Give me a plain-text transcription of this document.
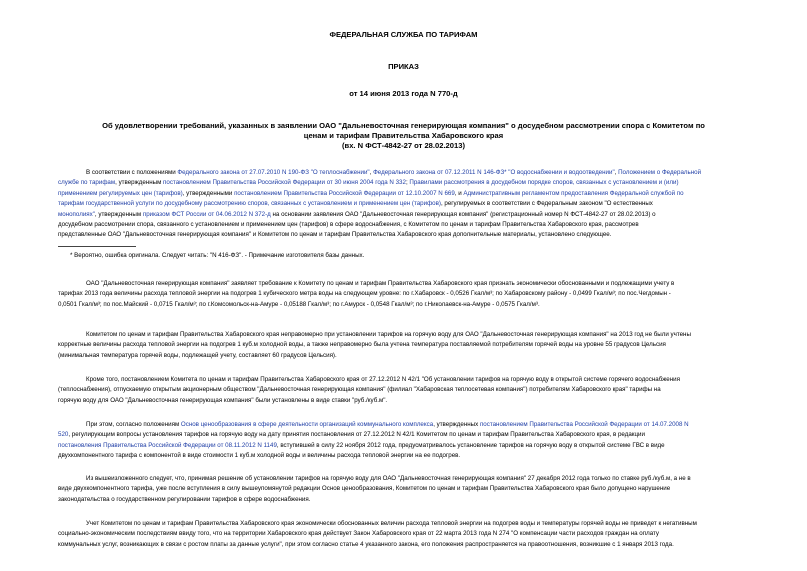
ФЕДЕРАЛЬНАЯ СЛУЖБА ПО ТАРИФАМ
ПРИКАЗ
от 14 июня 2013 года N 770-д
Об удовлетворении требований, указанных в заявлении ОАО "Дальневосточная генерирующая компания" о досудебном рассмотрении спора с Комитетом по
ценам и тарифам Правительства Хабаровского края
(вх. N ФСТ-4842-27 от 28.02.2013)
В соответствии с положениями Федерального закона от 27.07.2010 N 190-ФЗ "О теплоснабжении", Федерального закона от 07.12.2011 N 146-ФЗ* "О водоснабжении и водоотведении", Положением о Федеральной
службе по тарифам, утвержденным постановлением Правительства Российской Федерации от 30 июня 2004 года N 332; Правилами рассмотрения в досудебном порядке споров, связанных с установлением и (или)
применением регулируемых цен (тарифов), утвержденными постановлением Правительства Российской Федерации от 12.10.2007 N 669, и Административным регламентом предоставления Федеральной службой по
тарифам государственной услуги по досудебному рассмотрению споров, связанных с установлением и применением цен (тарифов), регулируемых в соответствии с Федеральным законом "О естественных
монополиях", утвержденным приказом ФСТ России от 04.06.2012 N 372-д на основании заявления ОАО "Дальневосточная генерирующая компания" (регистрационный номер N ФСТ-4842-27 от 28.02.2013) о
досудебном рассмотрении спора, связанного с установлением и применением цен (тарифов) в сфере водоснабжения, с Комитетом по ценам и тарифам Правительства Хабаровского края, рассмотрев
представленные ОАО "Дальневосточная генерирующая компания" и Комитетом по ценам и тарифам Правительства Хабаровского края дополнительные материалы, установлено следующее.
* Вероятно, ошибка оригинала. Следует читать: "N 416-ФЗ". - Примечание изготовителя базы данных.
ОАО "Дальневосточная генерирующая компания" заявляет требование к Комитету по ценам и тарифам Правительства Хабаровского края признать экономически обоснованными и подлежащими учету в
тарифах 2013 года величины расхода тепловой энергии на подогрев 1 кубического метра воды на следующем уровне: по г.Хабаровск - 0,0526 Гкал/м³; по Хабаровскому району - 0,0499 Гкал/м³; по пос.Чегдомын -
0,0501 Гкал/м³; по пос.Майский - 0,0715 Гкал/м³; по г.Комсомольск-на-Амуре - 0,05188 Гкал/м³; по г.Амурск - 0,0548 Гкал/м³; по г.Николаевск-на-Амуре - 0,0575 Гкал/м³.
Комитетом по ценам и тарифам Правительства Хабаровского края неправомерно при установлении тарифов на горячую воду для ОАО "Дальневосточная генерирующая компания" на 2013 год не были учтены
корректные величины расхода тепловой энергии на подогрев 1 куб.м холодной воды, а также неправомерно была учтена температура поставляемой потребителям горячей воды на уровне 55 градусов Цельсия
(минимальная температура горячей воды, подлежащей учету, составляет 60 градусов Цельсия).
Кроме того, постановлением Комитета по ценам и тарифам Правительства Хабаровского края от 27.12.2012 N 42/1 "Об установлении тарифов на горячую воду в открытой системе горячего водоснабжения
(теплоснабжения), отпускаемую открытым акционерным обществом "Дальневосточная генерирующая компания" (филиал "Хабаровская теплосетевая компания") потребителям Хабаровского края" тарифы на
горячую воду для ОАО "Дальневосточная генерирующая компания" были установлены в виде ставки "руб./куб.м".
При этом, согласно положениям Основ ценообразования в сфере деятельности организаций коммунального комплекса, утвержденных постановлением Правительства Российской Федерации от 14.07.2008 N
520, регулирующим вопросы установления тарифов на горячую воду на дату принятия постановления от 27.12.2012 N 42/1 Комитетом по ценам и тарифам Правительства Хабаровского края, в редакции
постановления Правительства Российской Федерации от 08.11.2012 N 1149, вступившей в силу 22 ноября 2012 года, предусматривалось установление тарифов на горячую воду в открытой системе ГВС в виде
двухкомпонентного тарифа с компонентой в виде стоимости 1 куб.м холодной воды и величины расхода тепловой энергии на ее подогрев.
Из вышеизложенного следует, что, принимая решение об установлении тарифов на горячую воду для ОАО "Дальневосточная генерирующая компания" 27 декабря 2012 года только по ставке руб./куб.м, а не в
виде двухкомпонентного тарифа, уже после вступления в силу вышеупомянутой редакции Основ ценообразования, Комитетом по ценам и тарифам Правительства Хабаровского края было допущено нарушение
законодательства о государственном регулировании тарифов в сфере водоснабжения.
Учет Комитетом по ценам и тарифам Правительства Хабаровского края экономически обоснованных величин расхода тепловой энергии на подогрев воды и температуры горячей воды не приведет к негативным
социально-экономическим последствиям ввиду того, что на территории Хабаровского края действует Закон Хабаровского края от 22 марта 2013 года N 274 "О компенсации части расходов граждан на оплату
коммунальных услуг, возникающих в связи с ростом платы за данные услуги", при этом согласно статье 4 указанного закона, его положения распространяется на правоотношения, возникшие с 1 января 2013 года.
